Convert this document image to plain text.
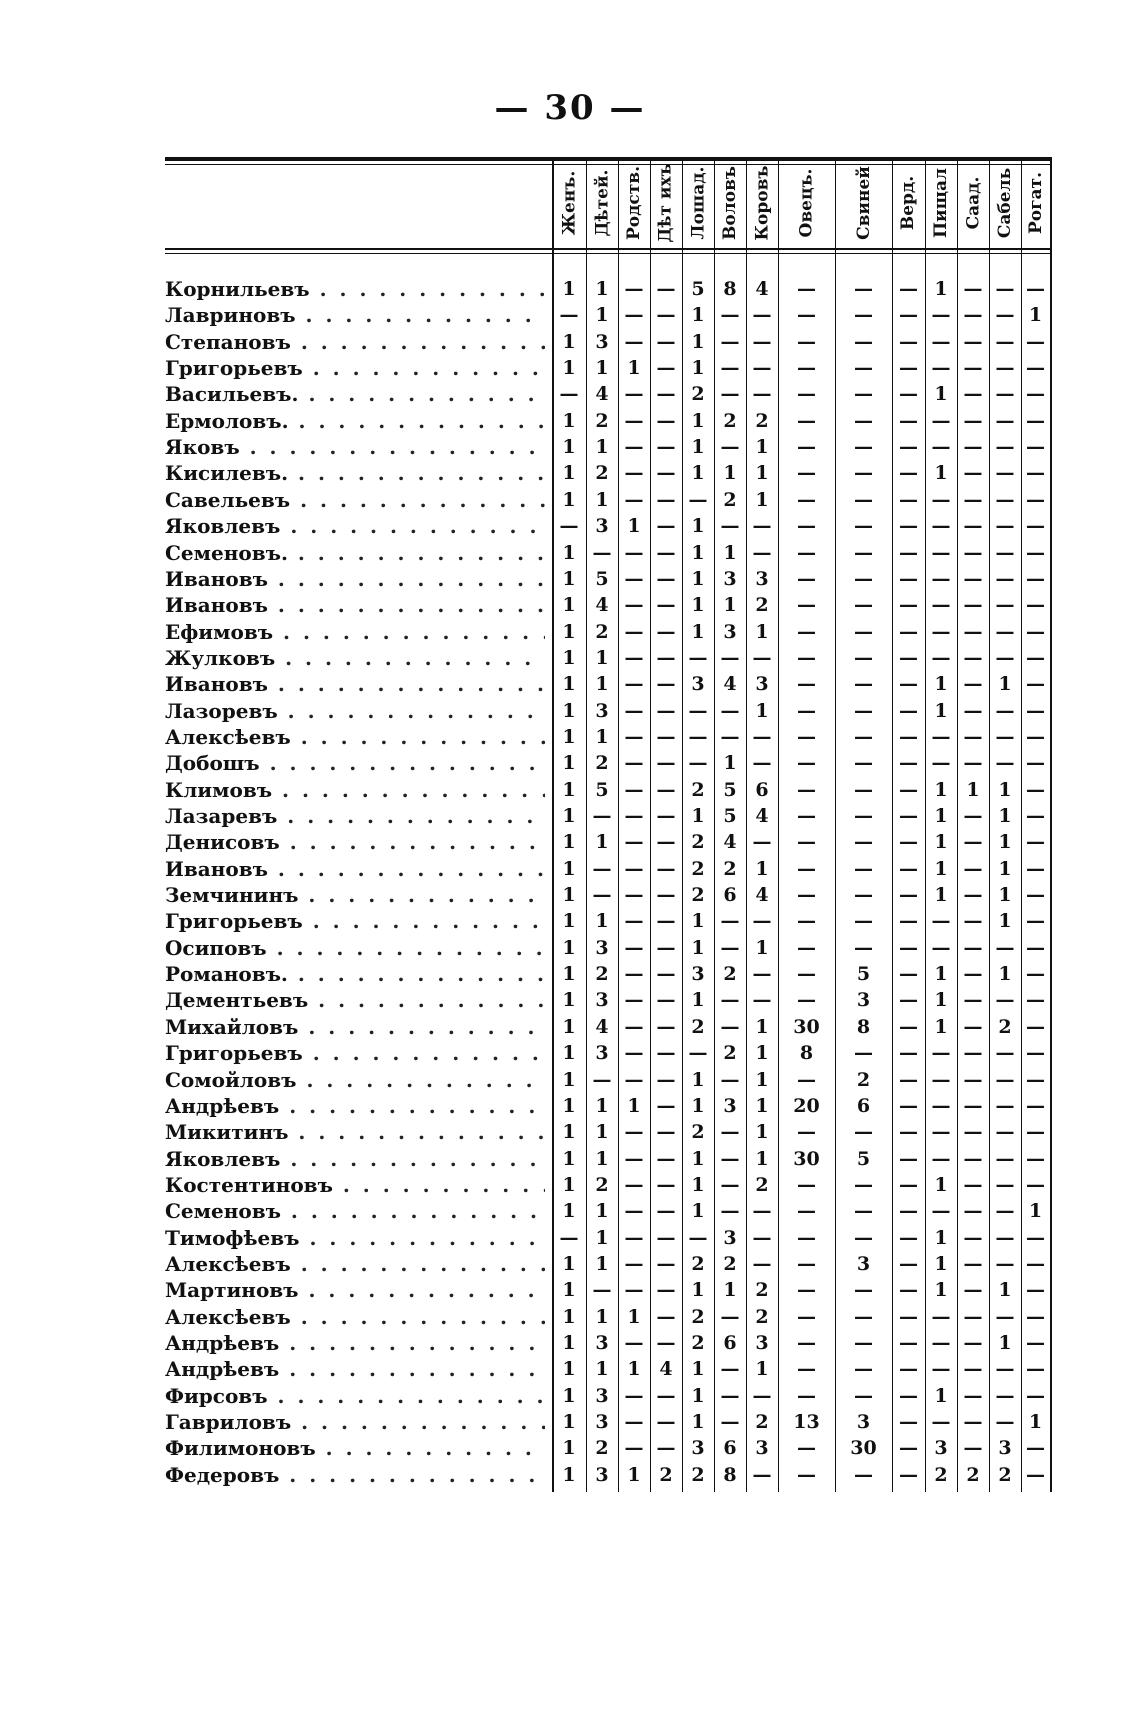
— 30 —
Женъ. Дѣтей. Родств. Дѣт ихъ Лошад. Воловъ Коровъ Овецъ. Свиней Верд. Пищал Саад. Сабель Рогат.
Корнильевъ . . .	1	1 — — 5 8 4	—	—	— 1 — — —
Лавриновъ . . .	— 1 — — 1 — —	—	—	— — — — 1
Степановъ . . .	1	3 — — 1 — —	—	—	— — — — —
Григорьевъ . . .	1	1 1 — 1 — —	—	—	— — — — —
Васильевъ. . . .	— 4 — — 2 — —	—	—	— 1 — — —
Ермоловъ. . . .	1	2 — — 1 2 2	—	—	— — — — —
Яковъ . . .	1	1 — — 1 — 1	—	—	— — — — —
Кисилевъ. . . .	1	2 — — 1 1 1	—	—	— 1 — — —
Савельевъ . . .	1	1 — — — 2 1	—	—	— — — — —
Яковлевъ . . .	— 3 1 — 1 — —	—	—	— — — — —
Семеновъ. . . .	1 — — — 1 1 —	—	—	— — — — —
Ивановъ . . .	1	5 — — 1 3 3	—	—	— — — — —
Ивановъ . . .	1	4 — — 1 1 2	—	—	— — — — —
Ефимовъ . . .	1	2 — — 1 3 1	—	—	— — — — —
Жулковъ . . .	1	1 — — — — —	—	—	— — — — —
Ивановъ . . .	1	1 — — 3 4 3	—	—	— 1 — 1 —
Лазоревъ . . .	1	3 — — — — 1	—	—	— 1 — — —
Алексѣевъ . . .	1	1 — — — — —	—	—	— — — — —
Добошъ . . .	1	2 — — — 1 —	—	—	— — — — —
Климовъ . . .	1	5 — — 2 5 6	—	—	— 1 1 1 —
Лазаревъ . . .	1 — — — 1 5 4	—	—	— 1 — 1 —
Денисовъ . . .	1	1 — — 2 4 —	—	—	— 1 — 1 —
Ивановъ . . .	1 — — — 2 2 1	—	—	— 1 — 1 —
Земчининъ . . .	1 — — — 2 6 4	—	—	— 1 — 1 —
Григорьевъ . . .	1	1 — — 1 — —	—	—	— — — 1 —
Осиповъ . . .	1	3 — — 1 — 1	—	—	— — — — —
Романовъ. . . .	1	2 — — 3 2 —	—	5	— 1 — 1 —
Дементьевъ . . .	1	3 — — 1 — —	—	3	— 1 — — —
Михайловъ . . .	1	4 — — 2 — 1	30	8	— 1 — 2 —
Григорьевъ . . .	1	3 — — — 2 1	8	—	— — — — —
Сомойловъ . . .	1 — — — 1 — 1	—	2	— — — — —
Андрѣевъ . . .	1	1 1 — 1 3 1	20	6	— — — — —
Микитинъ . . .	1	1 — — 2 — 1	—	—	— — — — —
Яковлевъ . . .	1	1 — — 1 — 1	30	5	— — — — —
Костентиновъ . . .	1	2 — — 1 — 2	—	—	— 1 — — —
Семеновъ . . .	1	1 — — 1 — —	—	—	— — — — 1
Тимофѣевъ . . .	— 1 — — — 3 —	—	—	— 1 — — —
Алексѣевъ . . .	1	1 — — 2 2 —	—	3	— 1 — — —
Мартиновъ . . .	1 — — — 1 1 2	—	—	— 1 — 1 —
Алексѣевъ . . .	1	1 1 — 2 — 2	—	—	— — — — —
Андрѣевъ . . .	1	3 — — 2 6 3	—	—	— — — 1 —
Андрѣевъ . . .	1	1 1 4 1 — 1	—	—	— — — — —
Фирсовъ . . .	1	3 — — 1 — —	—	—	— 1 — — —
Гавриловъ . . .	1	3 — — 1 — 2	13	3	— — — — 1
Филимоновъ . . .	1	2 — — 3 6 3	—	30	— 3 — 3 —
Федеровъ . . .	1	3 1 2 2 8 —	—	—	— 2 2 2 —
